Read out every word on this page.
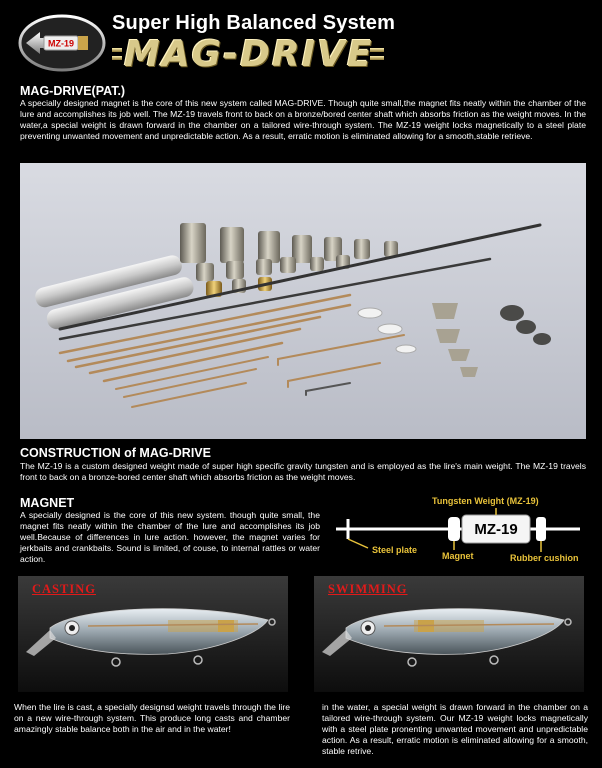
MZ-19
Super High Balanced System
MAG-DRIVE
MAG-DRIVE(PAT.)
A specially designed magnet is the core of this new system called MAG-DRIVE. Though quite small,the magnet fits neatly within the chamber of the lure and accomplishes its job well. The MZ-19 travels front to back on a bronze/bored center shaft which absorbs friction as the weight moves. In the water,a special weight is drawn forward in the chamber on a tailored wire-through system. The MZ-19 weight locks magnetically to a steel plate preventing unwanted movement and unpredictable action. As a result, erratic motion is eliminated allowing for a smooth,stable retrieve.
CONSTRUCTION of MAG-DRIVE
The MZ-19 is a custom designed weight made of super high specific gravity tungsten and is employed as the lire's main weight. The MZ-19 travels front to back on a bronze-bored center shaft which absorbs friction as the weight moves.
MAGNET
A specially designed is the core of this new system. though quite small, the magnet fits neatly within the chamber of the lure and accomplishes its job well.Because of differences in lure action. however, the magnet varies for jerkbaits and crankbaits. Sound is limited, of couse, to internal rattles or water action.
MZ-19
Tungsten Weight (MZ-19)
Steel plate
Magnet	Rubber cushion
CASTING	SWIMMING
When the lire is cast, a specially designsd weight travels through the lire on a new wire-through system. This produce long casts and chamber amazingly stable balance both in the air and in the water!
in the water, a special weight is drawn forward in the chamber on a tailored wire-through system. Our MZ-19 weight locks magnetically with a steel plate pronenting unwanted movement and unpredictable action. As a result, erratic motion is eliminated allowing for a smooth, stable retrive.
